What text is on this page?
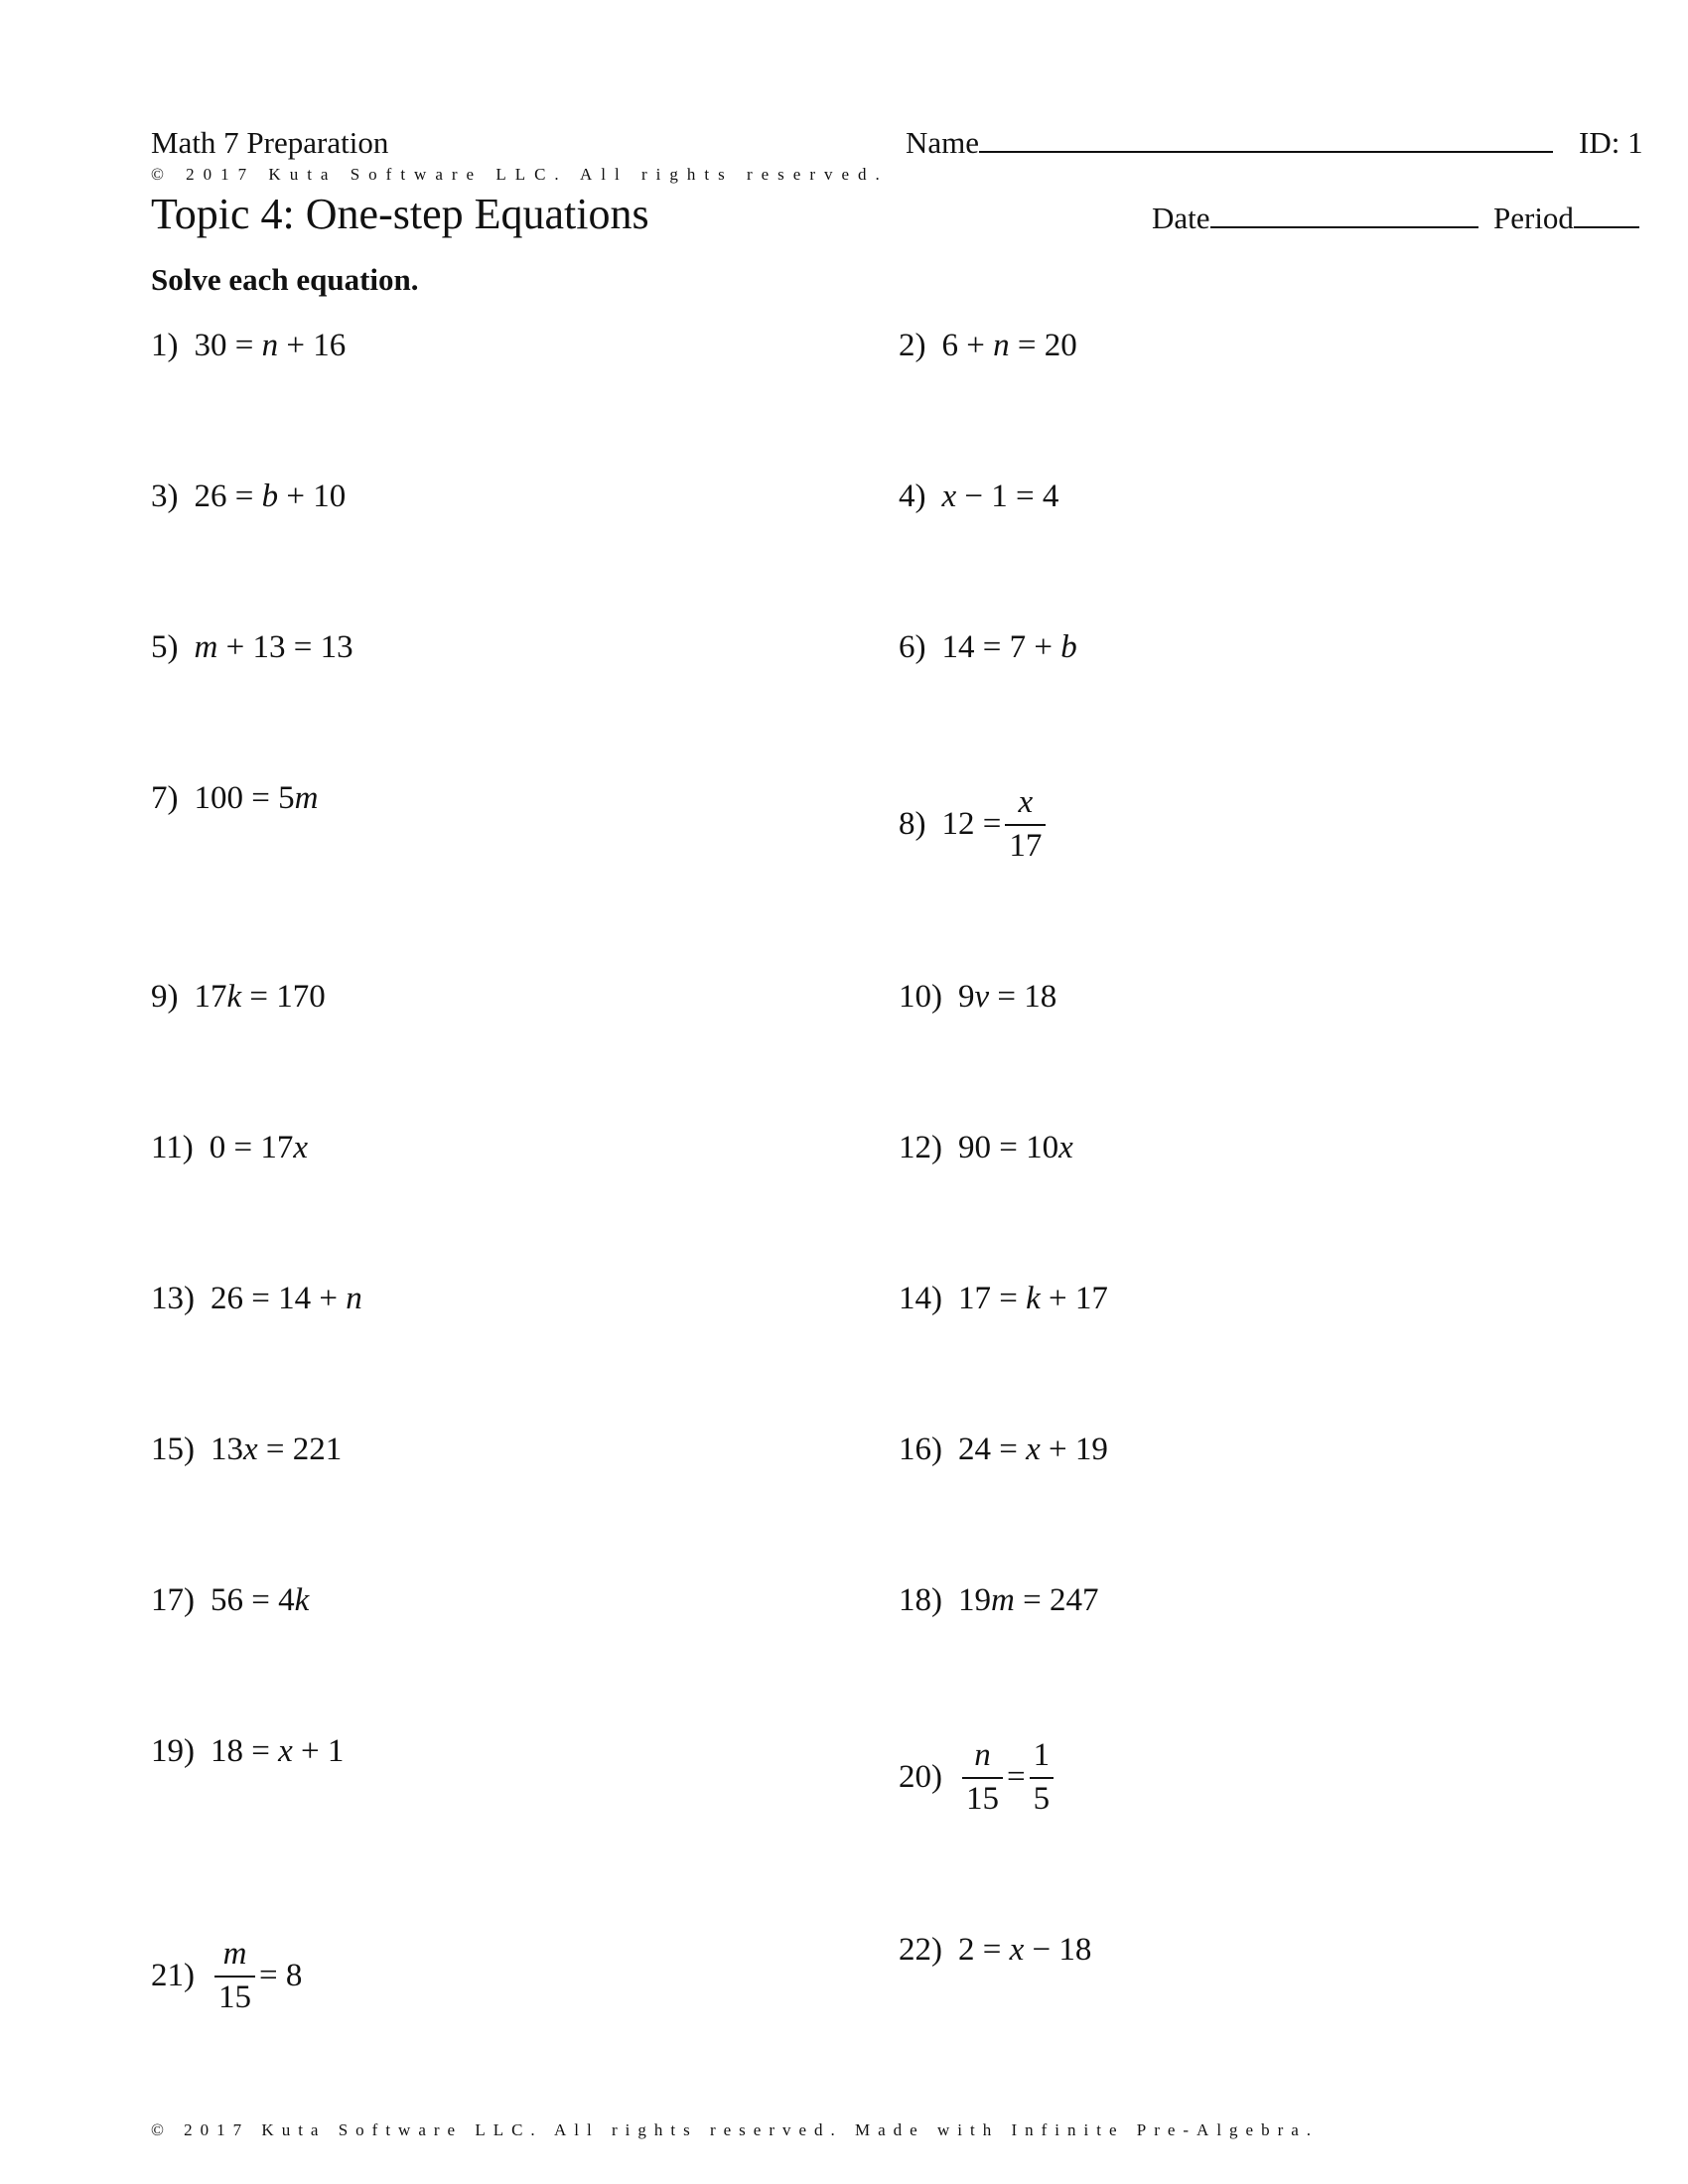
Math 7 Preparation	Name	ID: 1
© 2017 Kuta Software LLC. All rights reserved.
Topic 4: One-step Equations	Date	Period
Solve each equation.
1) 30 = n + 16	2) 6 + n = 20
3) 26 = b + 10	4) x − 1 = 4
5) m + 13 = 13	6) 14 = 7 + b
7) 100 = 5 m
8) $12 = \frac{x}{17}$
9) 17 k = 170	10) 9 v = 18
11) 0 = 17 x	12) 90 = 10 x
13) 26 = 14 + n	14) 17 = k + 17
15) 13 x = 221	16) 24 = x + 19
17) 56 = 4 k	18) 19 m = 247
19) 18 = x + 1
$20) \frac{n}{15} = \frac{1}{5}$
$21) \frac{m}{15} = 8$
22) 2 = x − 18
© 2017 Kuta Software LLC. All rights reserved. Made with Infinite Pre-Algebra.
